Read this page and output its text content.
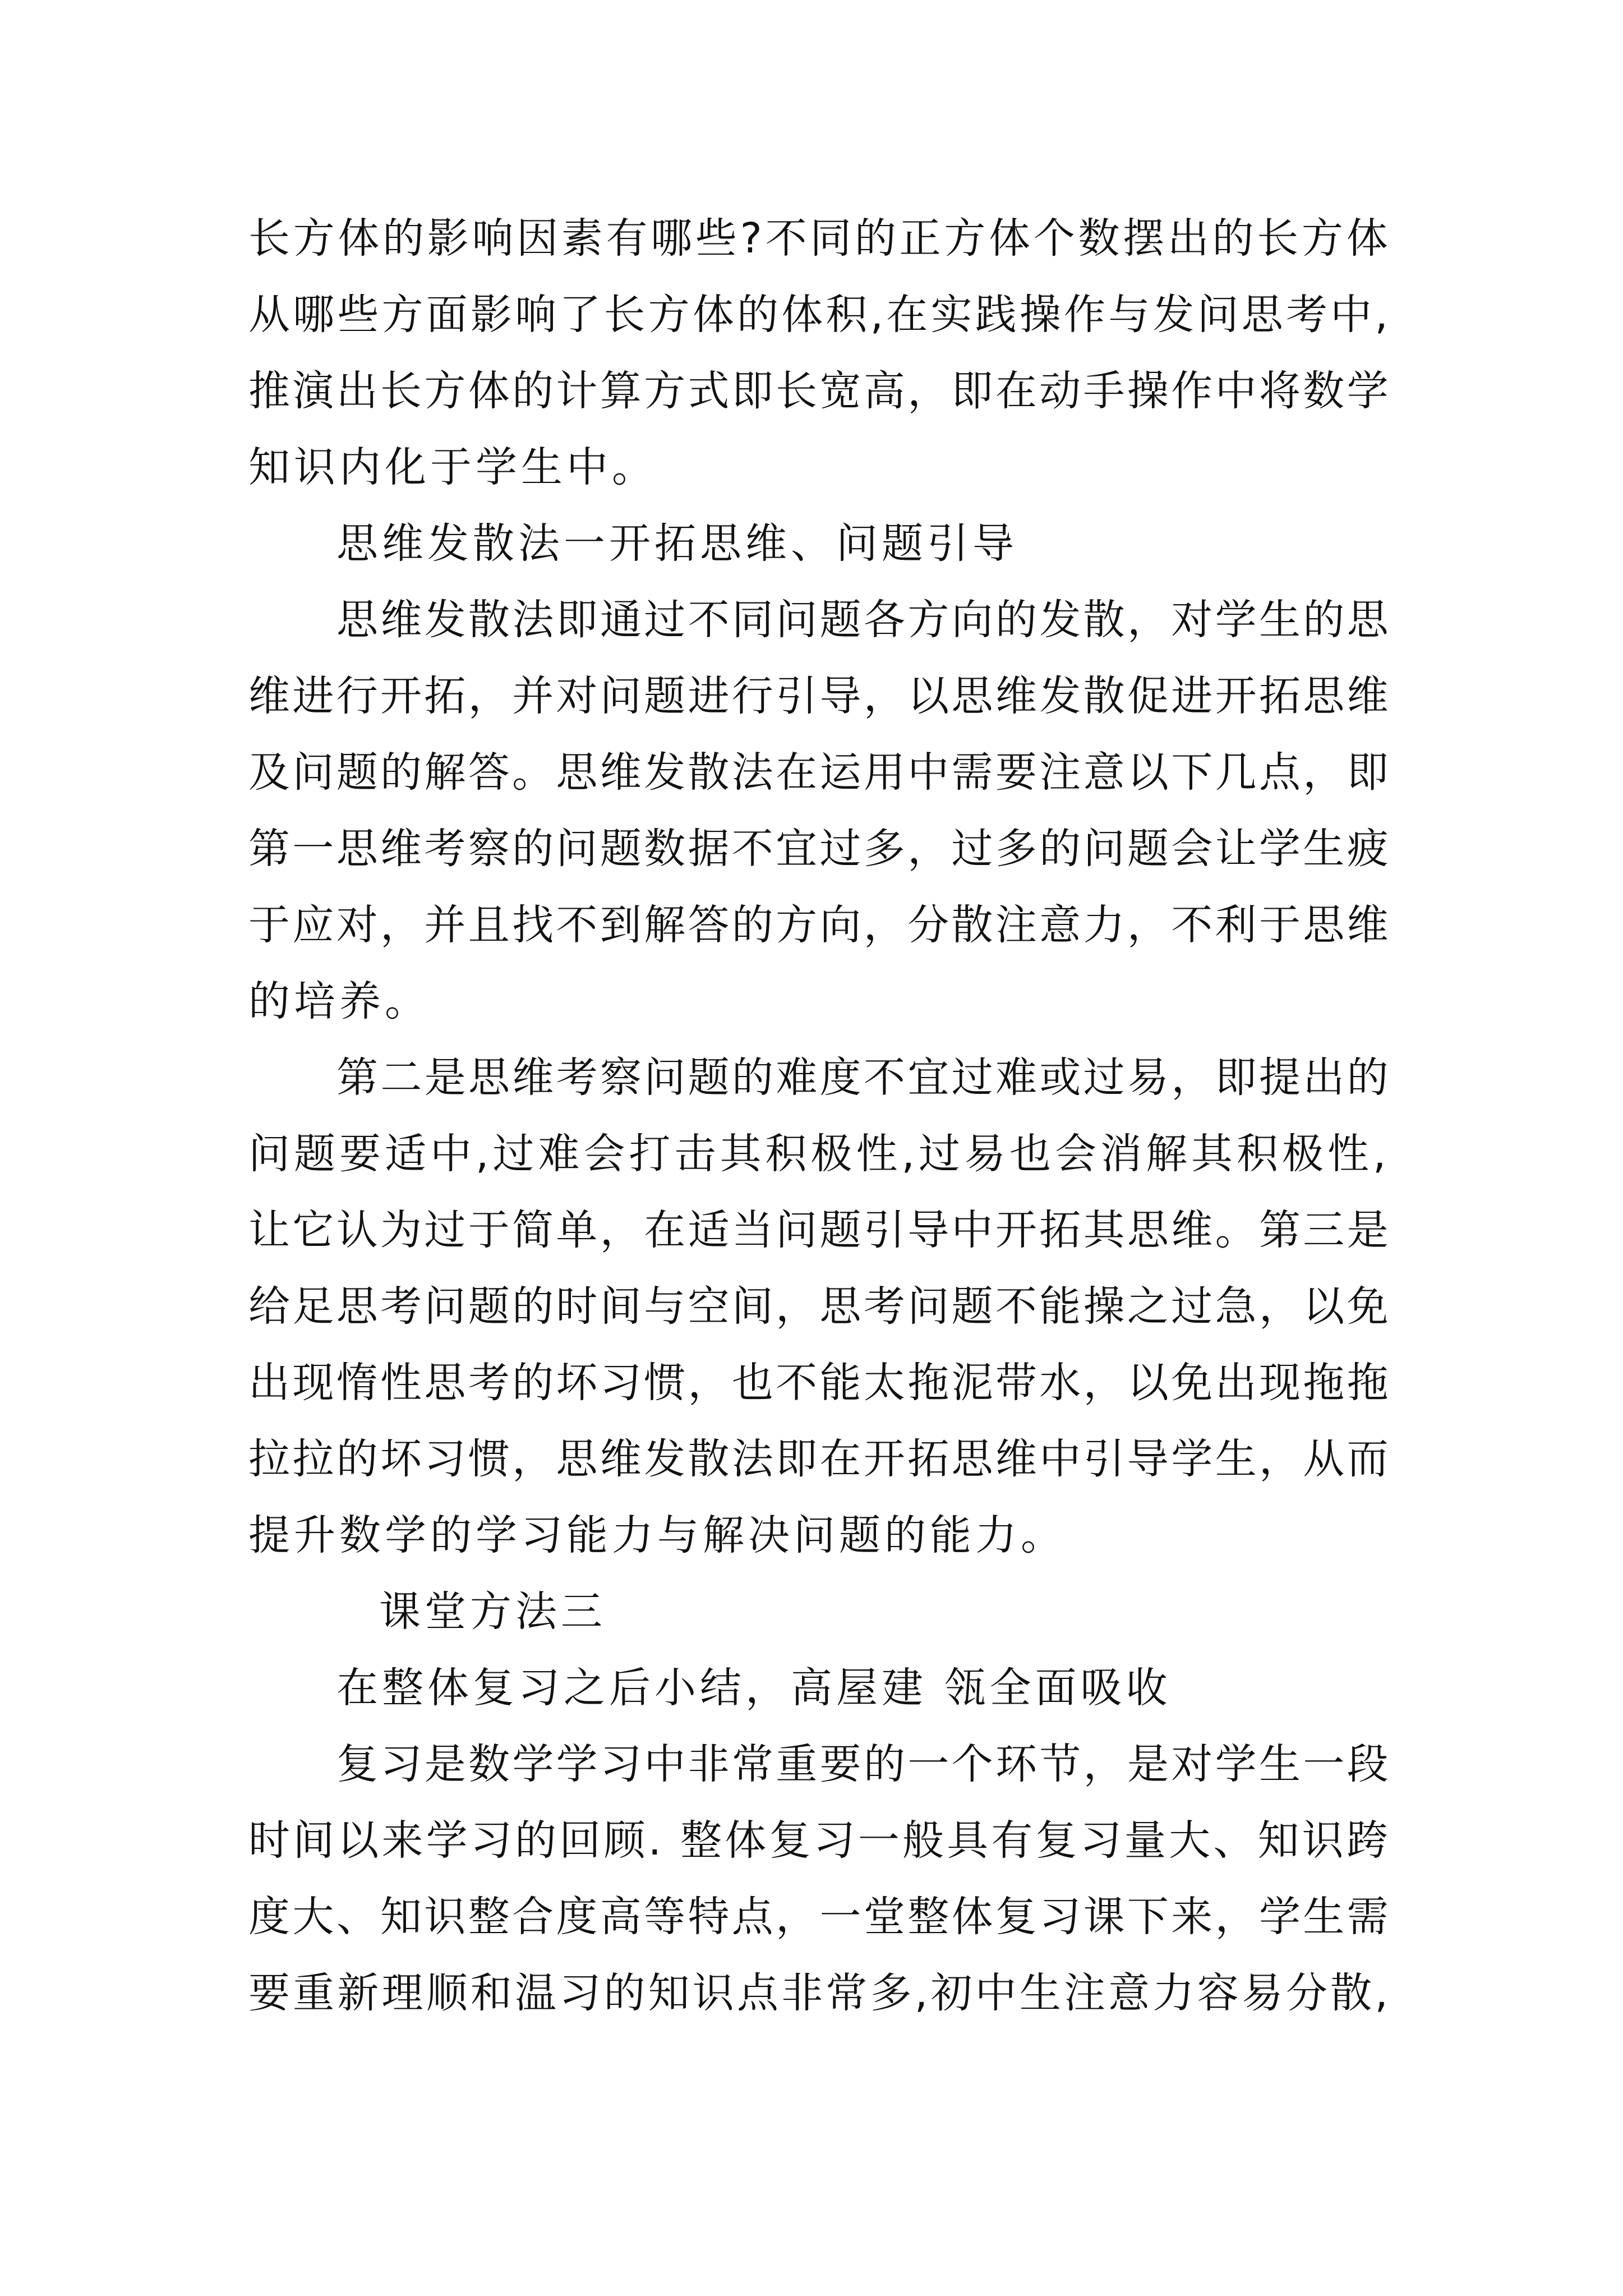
长方体的影响因素有哪些?不同的正方体个数摆出的长方体
从哪些方面影响了长方体的体积,在实践操作与发问思考中,
推演出长方体的计算方式即长宽高，即在动手操作中将数学
知识内化于学生中。
思维发散法一开拓思维、问题引导
思维发散法即通过不同问题各方向的发散，对学生的思
维进行开拓，并对问题进行引导，以思维发散促进开拓思维
及问题的解答。思维发散法在运用中需要注意以下几点，即
第一思维考察的问题数据不宜过多，过多的问题会让学生疲
于应对，并且找不到解答的方向，分散注意力，不利于思维
的培养。
第二是思维考察问题的难度不宜过难或过易，即提出的
问题要适中,过难会打击其积极性,过易也会消解其积极性,
让它认为过于简单，在适当问题引导中开拓其思维。第三是
给足思考问题的时间与空间，思考问题不能操之过急，以免
出现惰性思考的坏习惯，也不能太拖泥带水，以免出现拖拖
拉拉的坏习惯，思维发散法即在开拓思维中引导学生，从而
提升数学的学习能力与解决问题的能力。
课堂方法三
在整体复习之后小结，高屋建 瓴全面吸收
复习是数学学习中非常重要的一个环节，是对学生一段
时间以来学习的回顾. 整体复习一般具有复习量大、知识跨
度大、知识整合度高等特点，一堂整体复习课下来，学生需
要重新理顺和温习的知识点非常多,初中生注意力容易分散,
